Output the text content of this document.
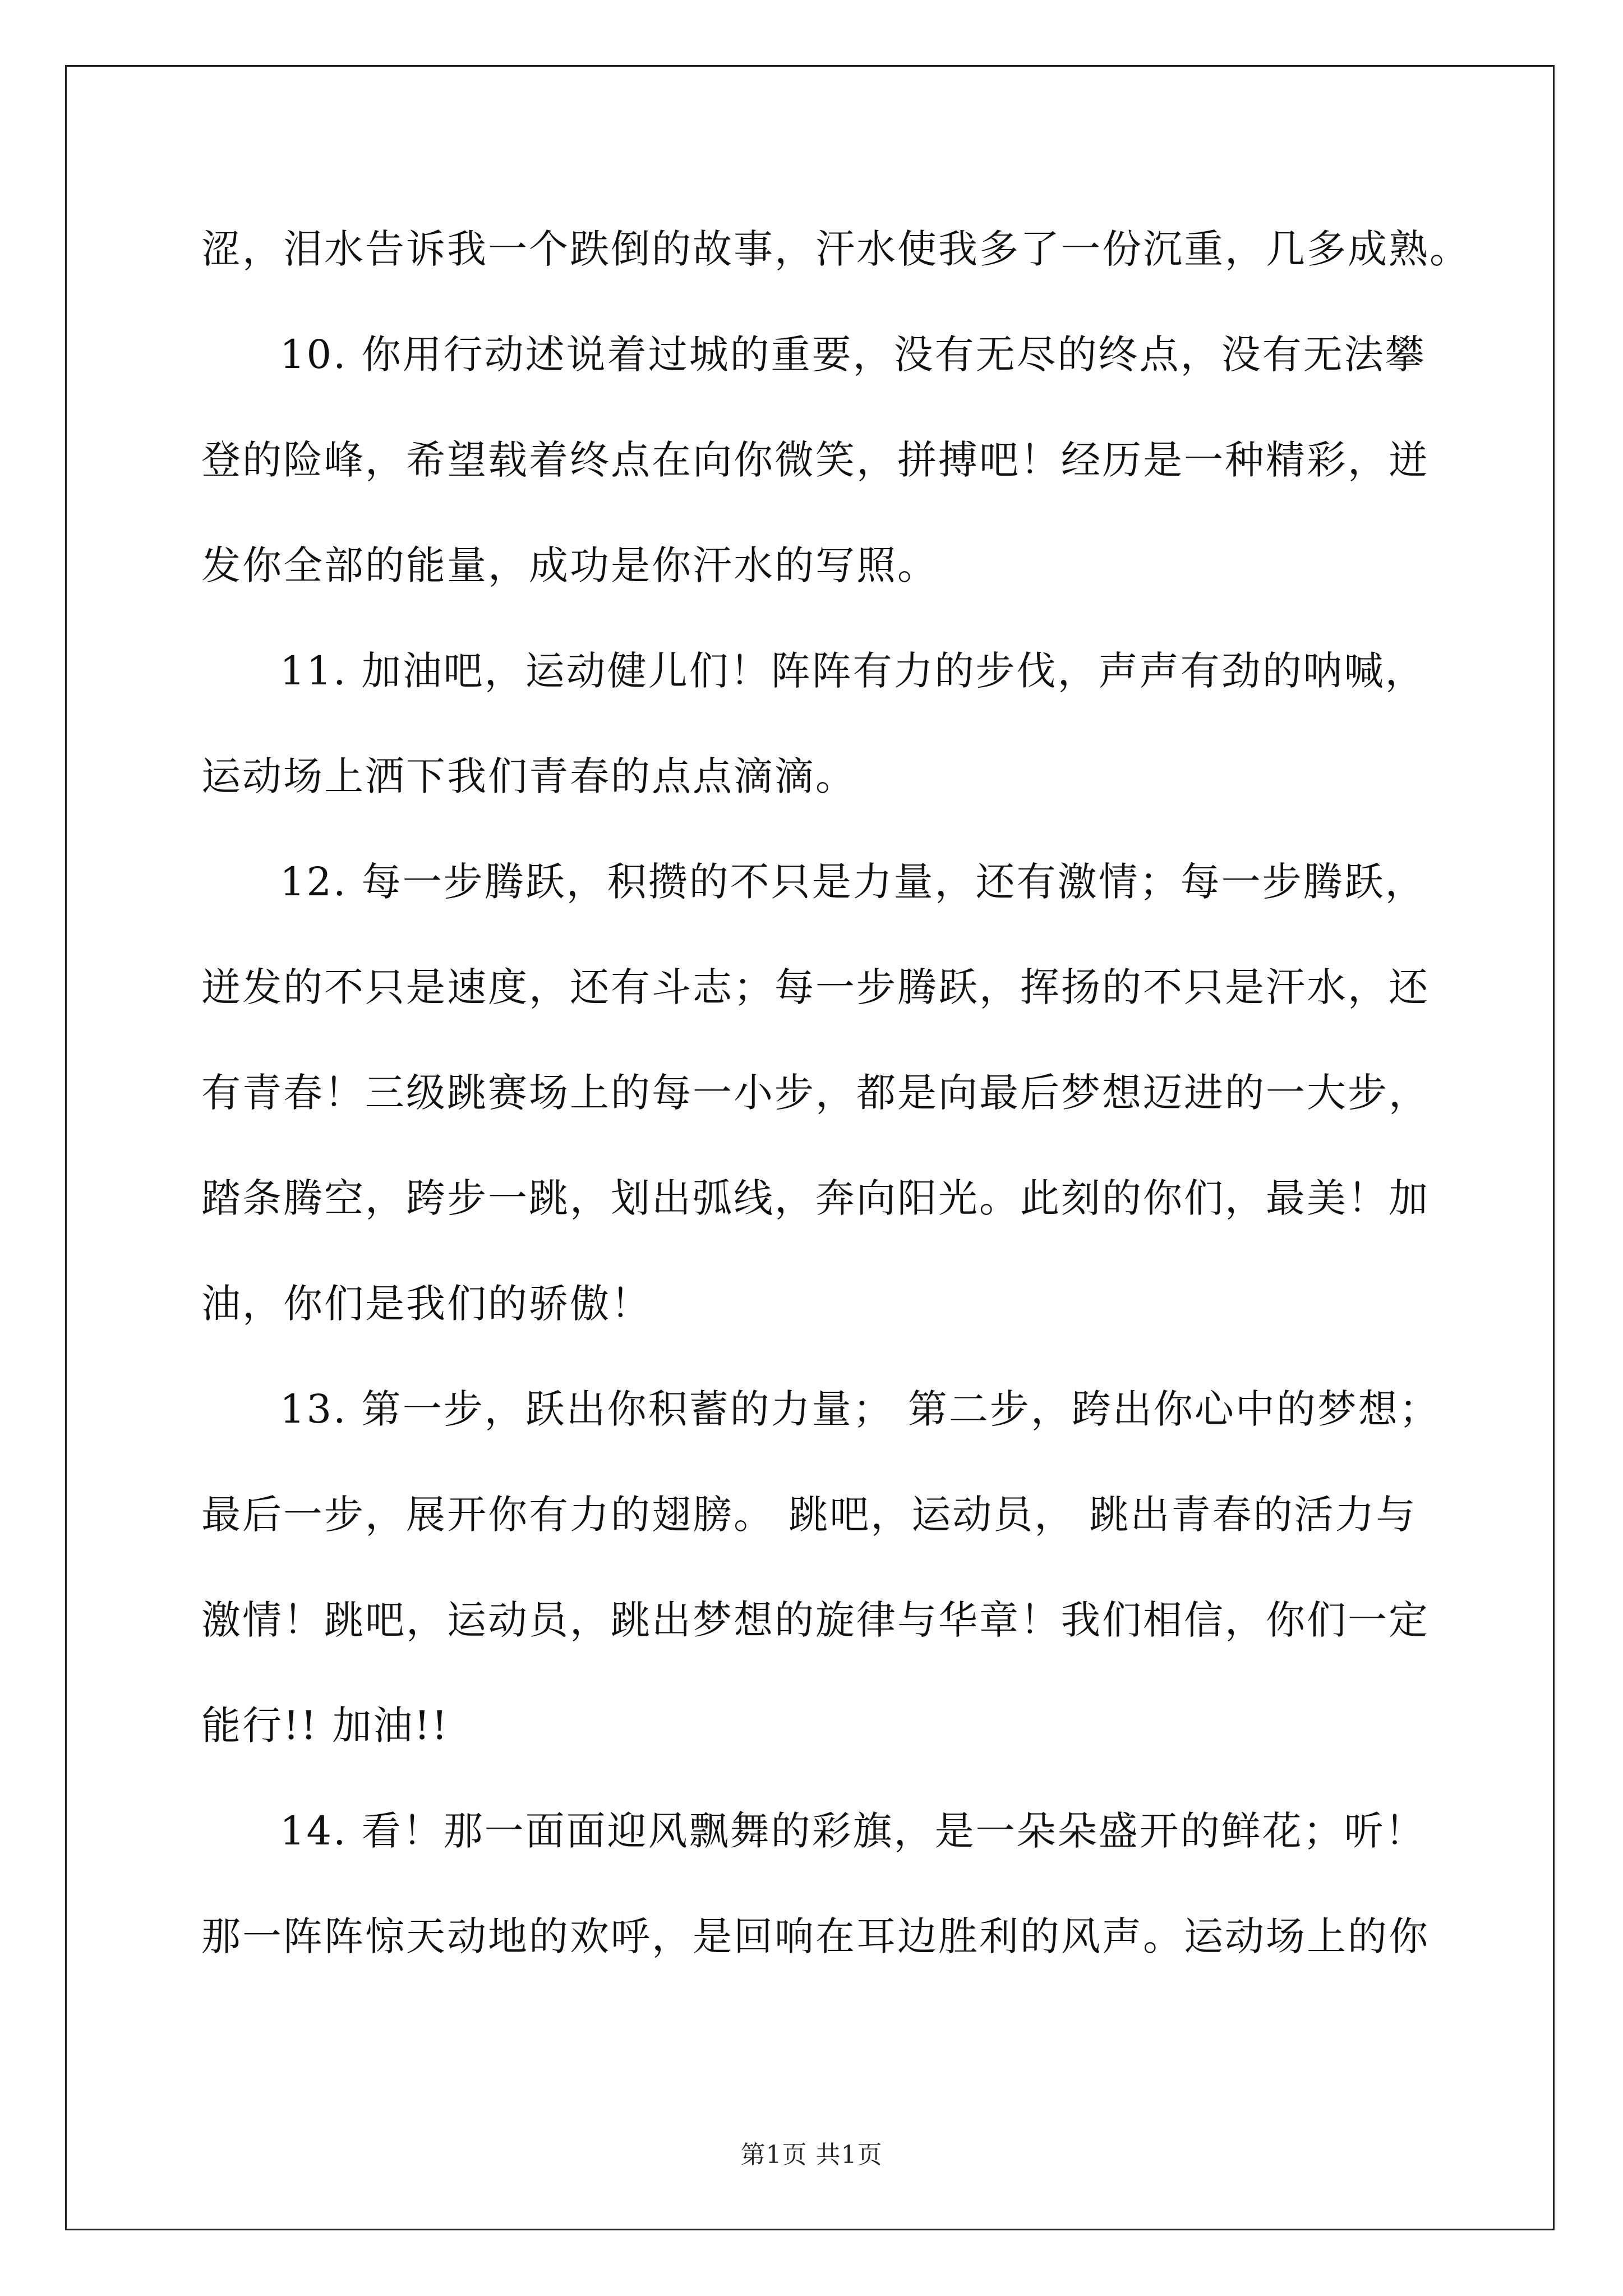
涩，泪水告诉我一个跌倒的故事，汗水使我多了一份沉重，几多成熟。
10. 你用行动述说着过城的重要，没有无尽的终点，没有无法攀
登的险峰，希望载着终点在向你微笑，拼搏吧！经历是一种精彩，迸
发你全部的能量，成功是你汗水的写照。
11. 加油吧，运动健儿们！阵阵有力的步伐，声声有劲的呐喊，
运动场上洒下我们青春的点点滴滴。
12. 每一步腾跃，积攒的不只是力量，还有激情；每一步腾跃，
迸发的不只是速度，还有斗志；每一步腾跃，挥扬的不只是汗水，还
有青春！三级跳赛场上的每一小步，都是向最后梦想迈进的一大步，
踏条腾空，跨步一跳，划出弧线，奔向阳光。此刻的你们，最美！加
油，你们是我们的骄傲！
13. 第一步，跃出你积蓄的力量； 第二步，跨出你心中的梦想；
最后一步，展开你有力的翅膀。 跳吧，运动员， 跳出青春的活力与
激情！跳吧，运动员，跳出梦想的旋律与华章！我们相信，你们一定
能行!! 加油!!
14. 看！那一面面迎风飘舞的彩旗，是一朵朵盛开的鲜花；听！
那一阵阵惊天动地的欢呼，是回响在耳边胜利的风声。运动场上的你
第1页 共1页
